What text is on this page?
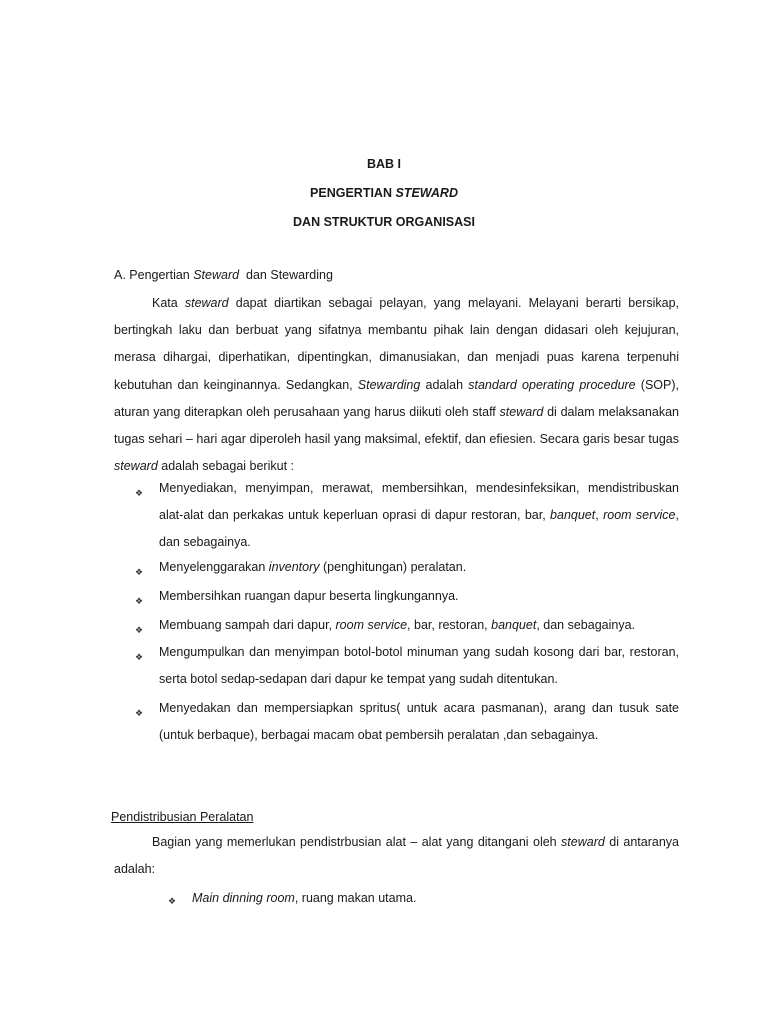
BAB I
PENGERTIAN STEWARD
DAN STRUKTUR ORGANISASI
A. Pengertian Steward  dan Stewarding
Kata steward dapat diartikan sebagai pelayan, yang melayani. Melayani berarti bersikap, bertingkah laku dan berbuat yang sifatnya membantu pihak lain dengan didasari oleh kejujuran, merasa dihargai, diperhatikan, dipentingkan, dimanusiakan, dan menjadi puas karena terpenuhi kebutuhan dan keinginannya. Sedangkan, Stewarding adalah standard operating procedure (SOP), aturan yang diterapkan oleh perusahaan yang harus diikuti oleh staff steward di dalam melaksanakan tugas sehari – hari agar diperoleh hasil yang maksimal, efektif, dan efiesien. Secara garis besar tugas steward adalah sebagai berikut :
❖ Menyediakan, menyimpan, merawat, membersihkan, mendesinfeksikan, mendistribuskan alat-alat dan perkakas untuk keperluan oprasi di dapur restoran, bar, banquet, room service, dan sebagainya.
❖ Menyelenggarakan inventory (penghitungan) peralatan.
❖ Membersihkan ruangan dapur beserta lingkungannya.
❖ Membuang sampah dari dapur, room service, bar, restoran, banquet, dan sebagainya.
❖ Mengumpulkan dan menyimpan botol-botol minuman yang sudah kosong dari bar, restoran, serta botol sedap-sedapan dari dapur ke tempat yang sudah ditentukan.
❖ Menyedakan dan mempersiapkan spritus( untuk acara pasmanan), arang dan tusuk sate (untuk berbaque), berbagai macam obat pembersih peralatan ,dan sebagainya.
Pendistribusian Peralatan
Bagian yang memerlukan pendistrbusian alat – alat yang ditangani oleh steward di antaranya adalah:
❖ Main dinning room, ruang makan utama.
